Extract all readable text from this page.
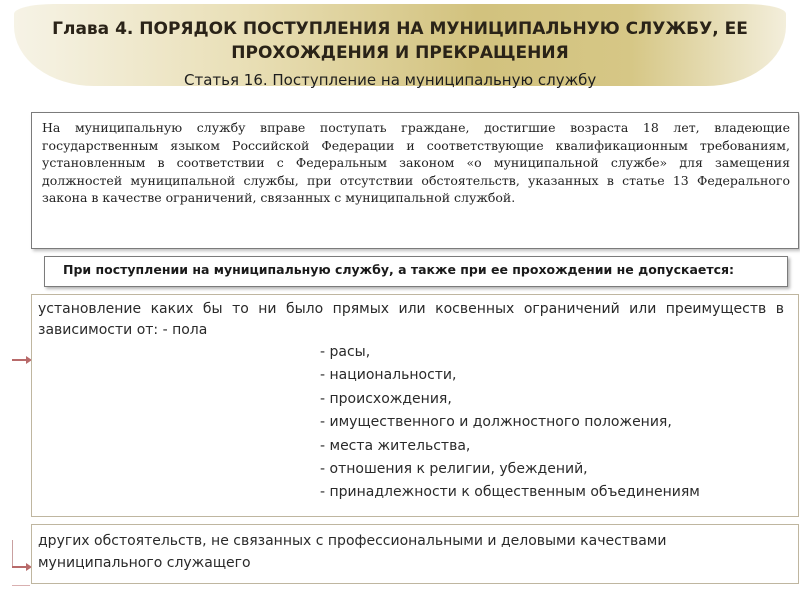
Глава 4. ПОРЯДОК ПОСТУПЛЕНИЯ НА МУНИЦИПАЛЬНУЮ СЛУЖБУ, ЕЕ
ПРОХОЖДЕНИЯ И ПРЕКРАЩЕНИЯ
Статья 16. Поступление на муниципальную службу
На муниципальную службу вправе поступать граждане, достигшие возраста 18 лет, владеющие государственным языком Российской Федерации и соответствующие квалификационным требованиям, установленным в соответствии с Федеральным законом «о муниципальной службе» для замещения должностей муниципальной службы, при отсутствии обстоятельств, указанных в статье 13 Федерального закона в качестве ограничений, связанных с муниципальной службой.
При поступлении на муниципальную службу, а также при ее прохождении не допускается:
установление каких бы то ни было прямых или косвенных ограничений или преимуществ в зависимости от: - пола
- расы,
- национальности,
- происхождения,
- имущественного и должностного положения,
- места жительства,
- отношения к религии, убеждений,
- принадлежности к общественным объединениям
других обстоятельств, не связанных с профессиональными и деловыми качествами муниципального служащего
